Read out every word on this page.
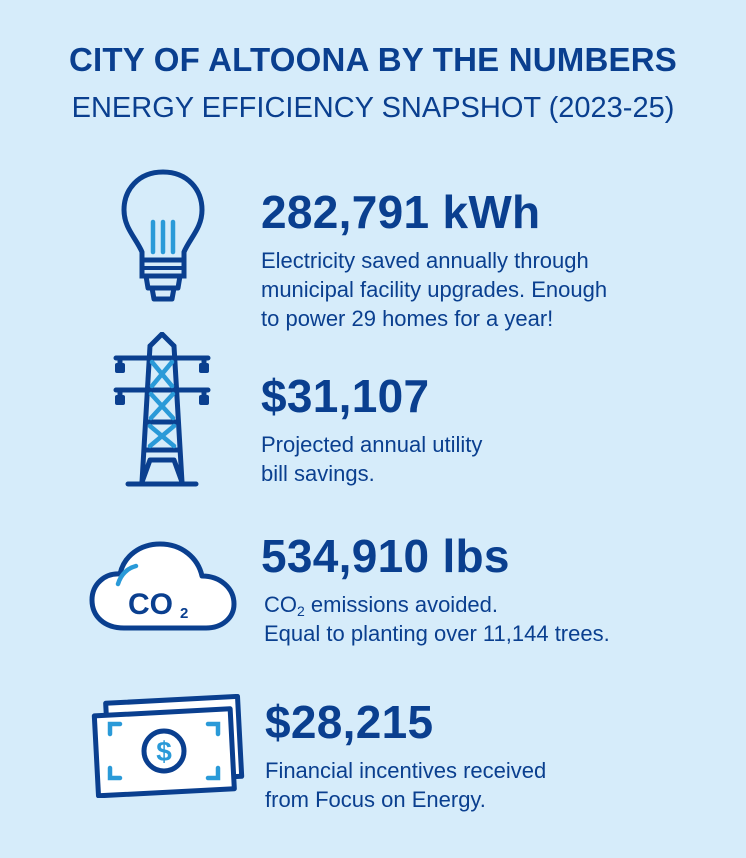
CITY OF ALTOONA BY THE NUMBERS
ENERGY EFFICIENCY SNAPSHOT (2023-25)
282,791 kWh
Electricity saved annually through
municipal facility upgrades. Enough
to power 29 homes for a year!
$31,107
Projected annual utility
bill savings.
CO 2
534,910 lbs
$CO_2$ emissions avoided.
Equal to planting over 11,144 trees.
$
$28,215
Financial incentives received
from Focus on Energy.
